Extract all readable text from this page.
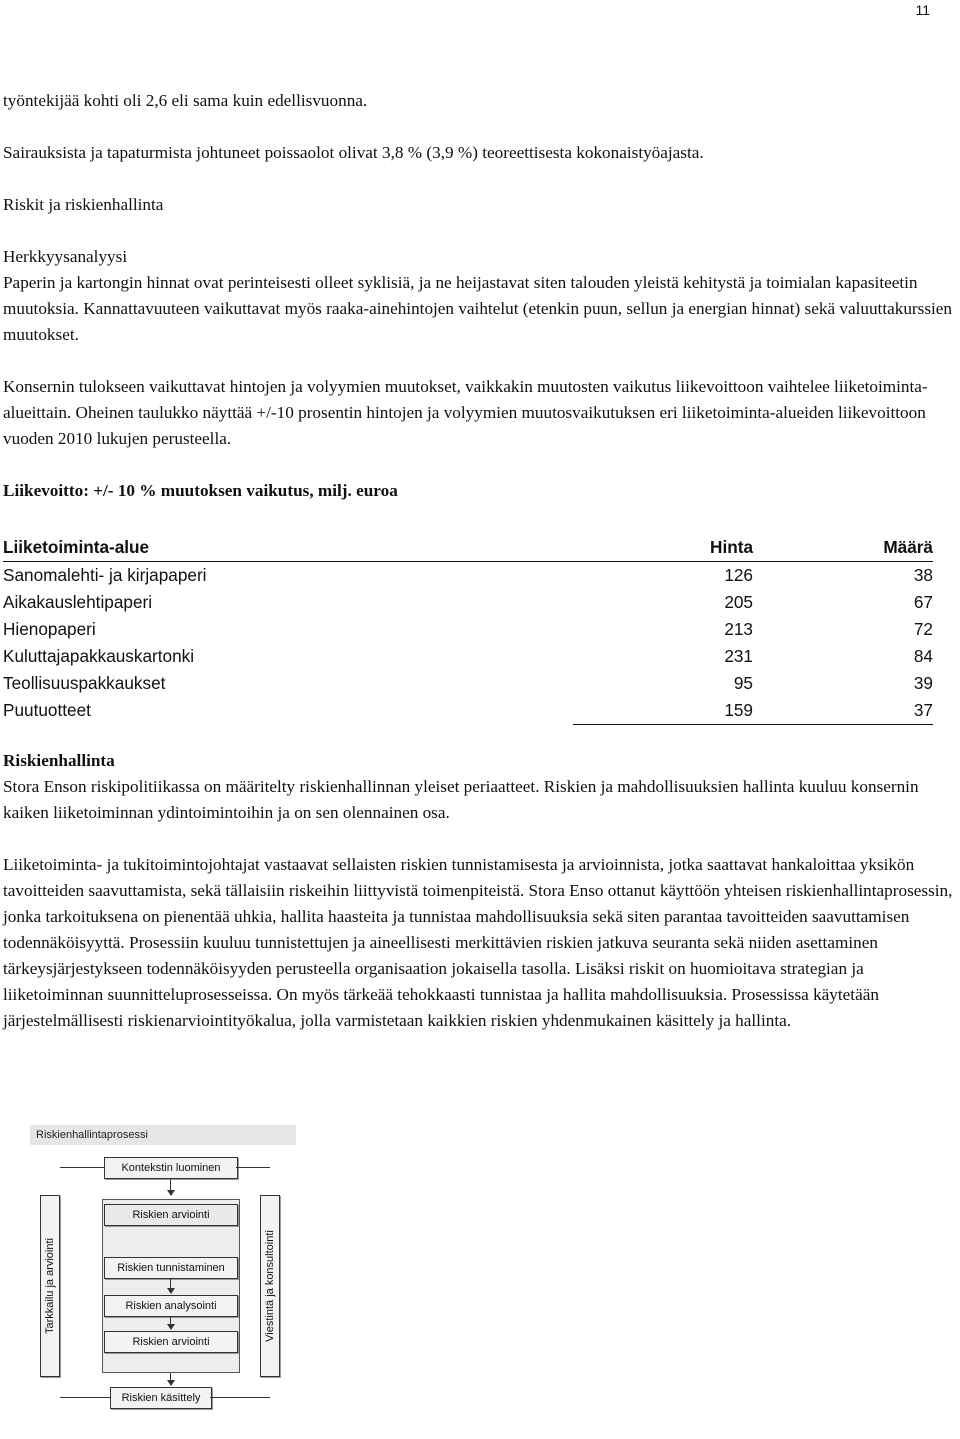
11

työntekijää kohti oli 2,6 eli sama kuin edellisvuonna.

Sairauksista ja tapaturmista johtuneet poissaolot olivat 3,8 % (3,9 %) teoreettisesta kokonaistyöajasta.

Riskit ja riskienhallinta

Herkkyysanalyysi

Paperin ja kartongin hinnat ovat perinteisesti olleet syklisiä, ja ne heijastavat siten talouden yleistä kehitystä ja toimialan kapasiteetin muutoksia. Kannattavuuteen vaikuttavat myös raaka-ainehintojen vaihtelut (etenkin puun, sellun ja energian hinnat) sekä valuuttakurssien muutokset.

Konsernin tulokseen vaikuttavat hintojen ja volyymien muutokset, vaikkakin muutosten vaikutus liikevoittoon vaihtelee liiketoiminta-alueittain. Oheinen taulukko näyttää +/-10 prosentin hintojen ja volyymien muutosvaikutuksen eri liiketoiminta-alueiden liikevoittoon vuoden 2010 lukujen perusteella.

Liikevoitto: +/- 10 % muutoksen vaikutus, milj. euroa

Liiketoiminta-alue	Hinta	Määrä
Sanomalehti- ja kirjapaperi	126	38
Aikakauslehtipaperi	205	67
Hienopaperi	213	72
Kuluttajapakkauskartonki	231	84
Teollisuuspakkaukset	95	39
Puutuotteet	159	37

Riskienhallinta

Stora Enson riskipolitiikassa on määritelty riskienhallinnan yleiset periaatteet. Riskien ja mahdollisuuksien hallinta kuuluu konsernin kaiken liiketoiminnan ydintoimintoihin ja on sen olennainen osa.

Liiketoiminta- ja tukitoimintojohtajat vastaavat sellaisten riskien tunnistamisesta ja arvioinnista, jotka saattavat hankaloittaa yksikön tavoitteiden saavuttamista, sekä tällaisiin riskeihin liittyvistä toimenpiteistä. Stora Enso ottanut käyttöön yhteisen riskienhallintaprosessin, jonka tarkoituksena on pienentää uhkia, hallita haasteita ja tunnistaa mahdollisuuksia sekä siten parantaa tavoitteiden saavuttamisen todennäköisyyttä. Prosessiin kuuluu tunnistettujen ja aineellisesti merkittävien riskien jatkuva seuranta sekä niiden asettaminen tärkeysjärjestykseen todennäköisyyden perusteella organisaation jokaisella tasolla. Lisäksi riskit on huomioitava strategian ja liiketoiminnan suunnitteluprosesseissa. On myös tärkeää tehokkaasti tunnistaa ja hallita mahdollisuuksia. Prosessissa käytetään järjestelmällisesti riskienarviointityökalua, jolla varmistetaan kaikkien riskien yhdenmukainen käsittely ja hallinta.

Riskienhallintaprosessi
Tarkkailu ja arviointi	Viestintä ja konsultointi
Kontekstin luominen
Riskien arviointi
Riskien tunnistaminen
Riskien analysointi
Riskien arviointi
Riskien käsittely
